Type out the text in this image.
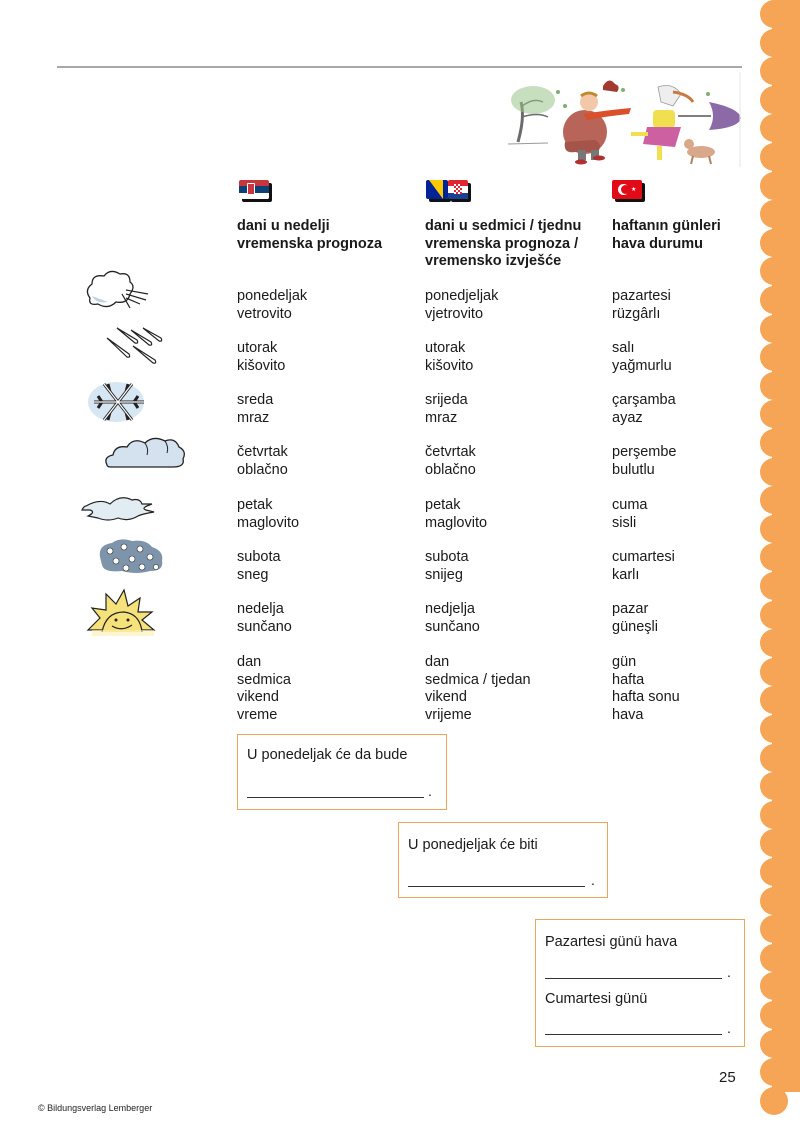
★
dani u nedelji
vremenska prognoza
ponedeljak
vetrovito
utorak
kišovito
sreda
mraz
četvrtak
oblačno
petak
maglovito
subota
sneg
nedelja
sunčano
dan
sedmica
vikend
vreme
dani u sedmici / tjednu
vremenska prognoza /
vremensko izvješće
ponedjeljak
vjetrovito
utorak
kišovito
srijeda
mraz
četvrtak
oblačno
petak
maglovito
subota
snijeg
nedjelja
sunčano
dan
sedmica / tjedan
vikend
vrijeme
haftanın günleri
hava durumu
pazartesi
rüzgârlı
salı
yağmurlu
çarşamba
ayaz
perşembe
bulutlu
cuma
sisli
cumartesi
karlı
pazar
güneşli
gün
hafta
hafta sonu
hava
U ponedeljak će da bude
.
U ponedjeljak će biti
.
Pazartesi günü hava
.
Cumartesi günü
.
25
© Bildungsverlag Lemberger
